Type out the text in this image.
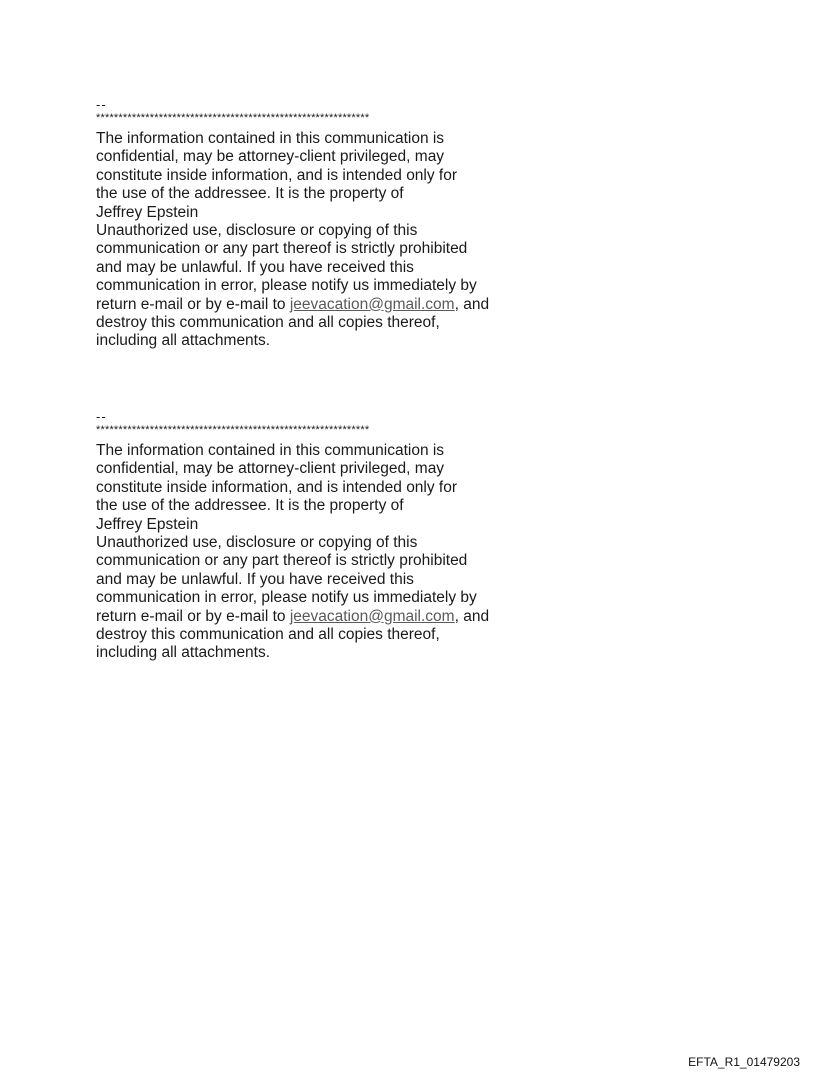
--
*************************************************************
The information contained in this communication is
confidential, may be attorney-client privileged, may
constitute inside information, and is intended only for
the use of the addressee. It is the property of
Jeffrey Epstein
Unauthorized use, disclosure or copying of this
communication or any part thereof is strictly prohibited
and may be unlawful. If you have received this
communication in error, please notify us immediately by
return e-mail or by e-mail to jeevacation@gmail.com, and
destroy this communication and all copies thereof,
including all attachments.
--
*************************************************************
The information contained in this communication is
confidential, may be attorney-client privileged, may
constitute inside information, and is intended only for
the use of the addressee. It is the property of
Jeffrey Epstein
Unauthorized use, disclosure or copying of this
communication or any part thereof is strictly prohibited
and may be unlawful. If you have received this
communication in error, please notify us immediately by
return e-mail or by e-mail to jeevacation@gmail.com, and
destroy this communication and all copies thereof,
including all attachments.
EFTA_R1_01479203
